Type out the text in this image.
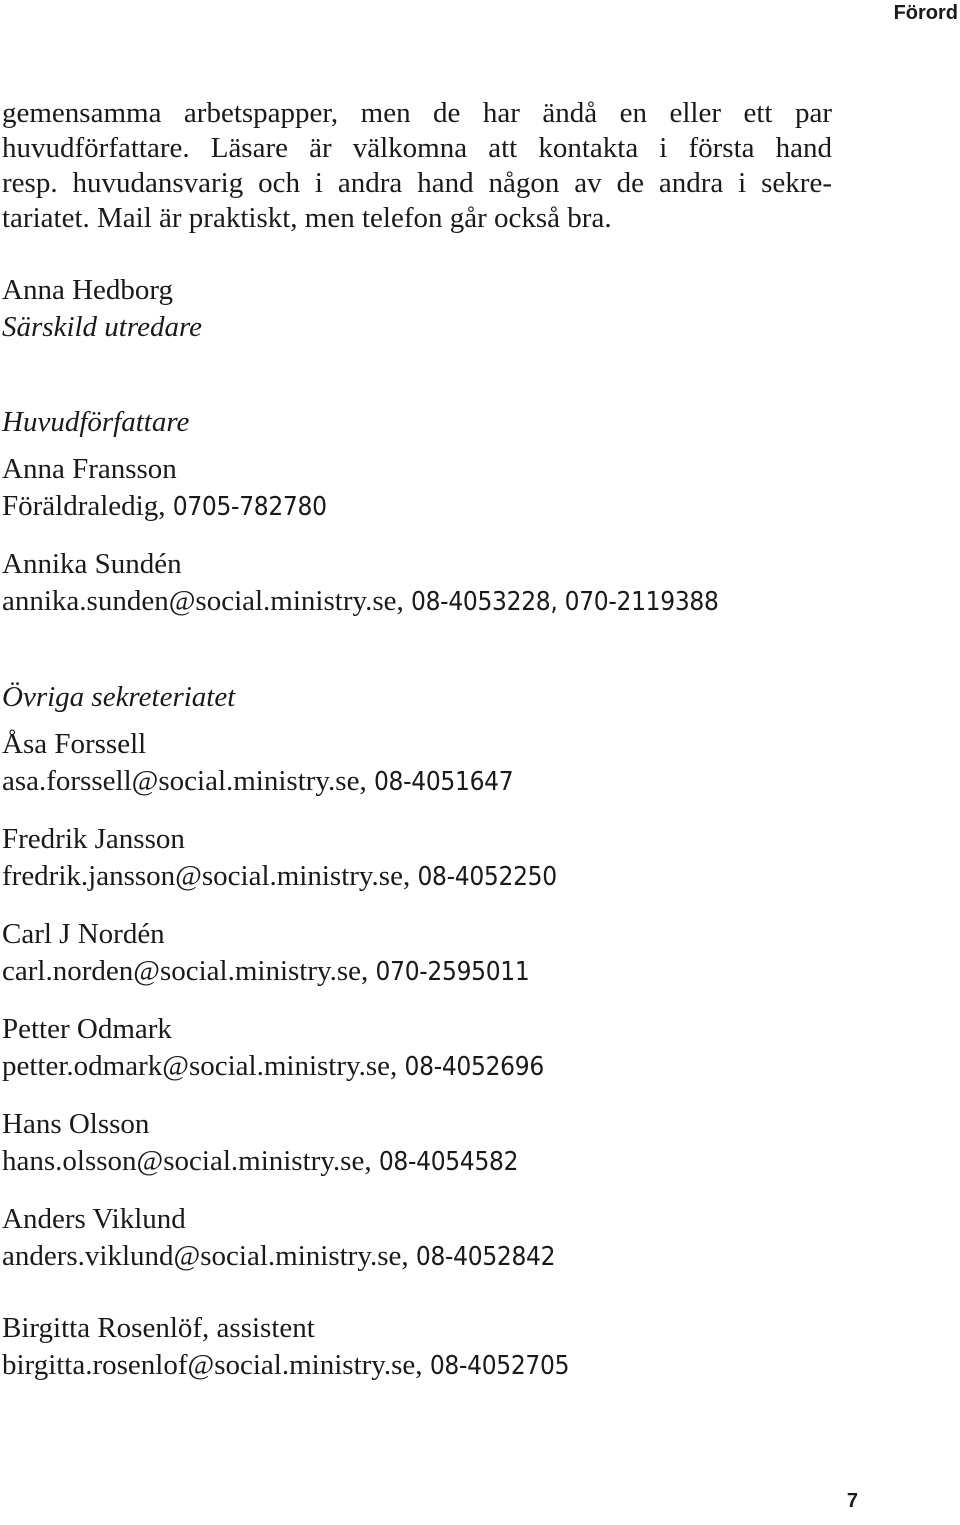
Förord
gemensamma arbetspapper, men de har ändå en eller ett par
huvudförfattare. Läsare är välkomna att kontakta i första hand
resp. huvudansvarig och i andra hand någon av de andra i sekre-
tariatet. Mail är praktiskt, men telefon går också bra.
Anna Hedborg
Särskild utredare
Huvudförfattare
Anna Fransson
Föräldraledig, 0705-782780
Annika Sundén
annika.sunden@social.ministry.se, 08-4053228, 070-2119388
Övriga sekreteriatet
Åsa Forssell
asa.forssell@social.ministry.se, 08-4051647
Fredrik Jansson
fredrik.jansson@social.ministry.se, 08-4052250
Carl J Nordén
carl.norden@social.ministry.se, 070-2595011
Petter Odmark
petter.odmark@social.ministry.se, 08-4052696
Hans Olsson
hans.olsson@social.ministry.se, 08-4054582
Anders Viklund
anders.viklund@social.ministry.se, 08-4052842
Birgitta Rosenlöf, assistent
birgitta.rosenlof@social.ministry.se, 08-4052705
7
